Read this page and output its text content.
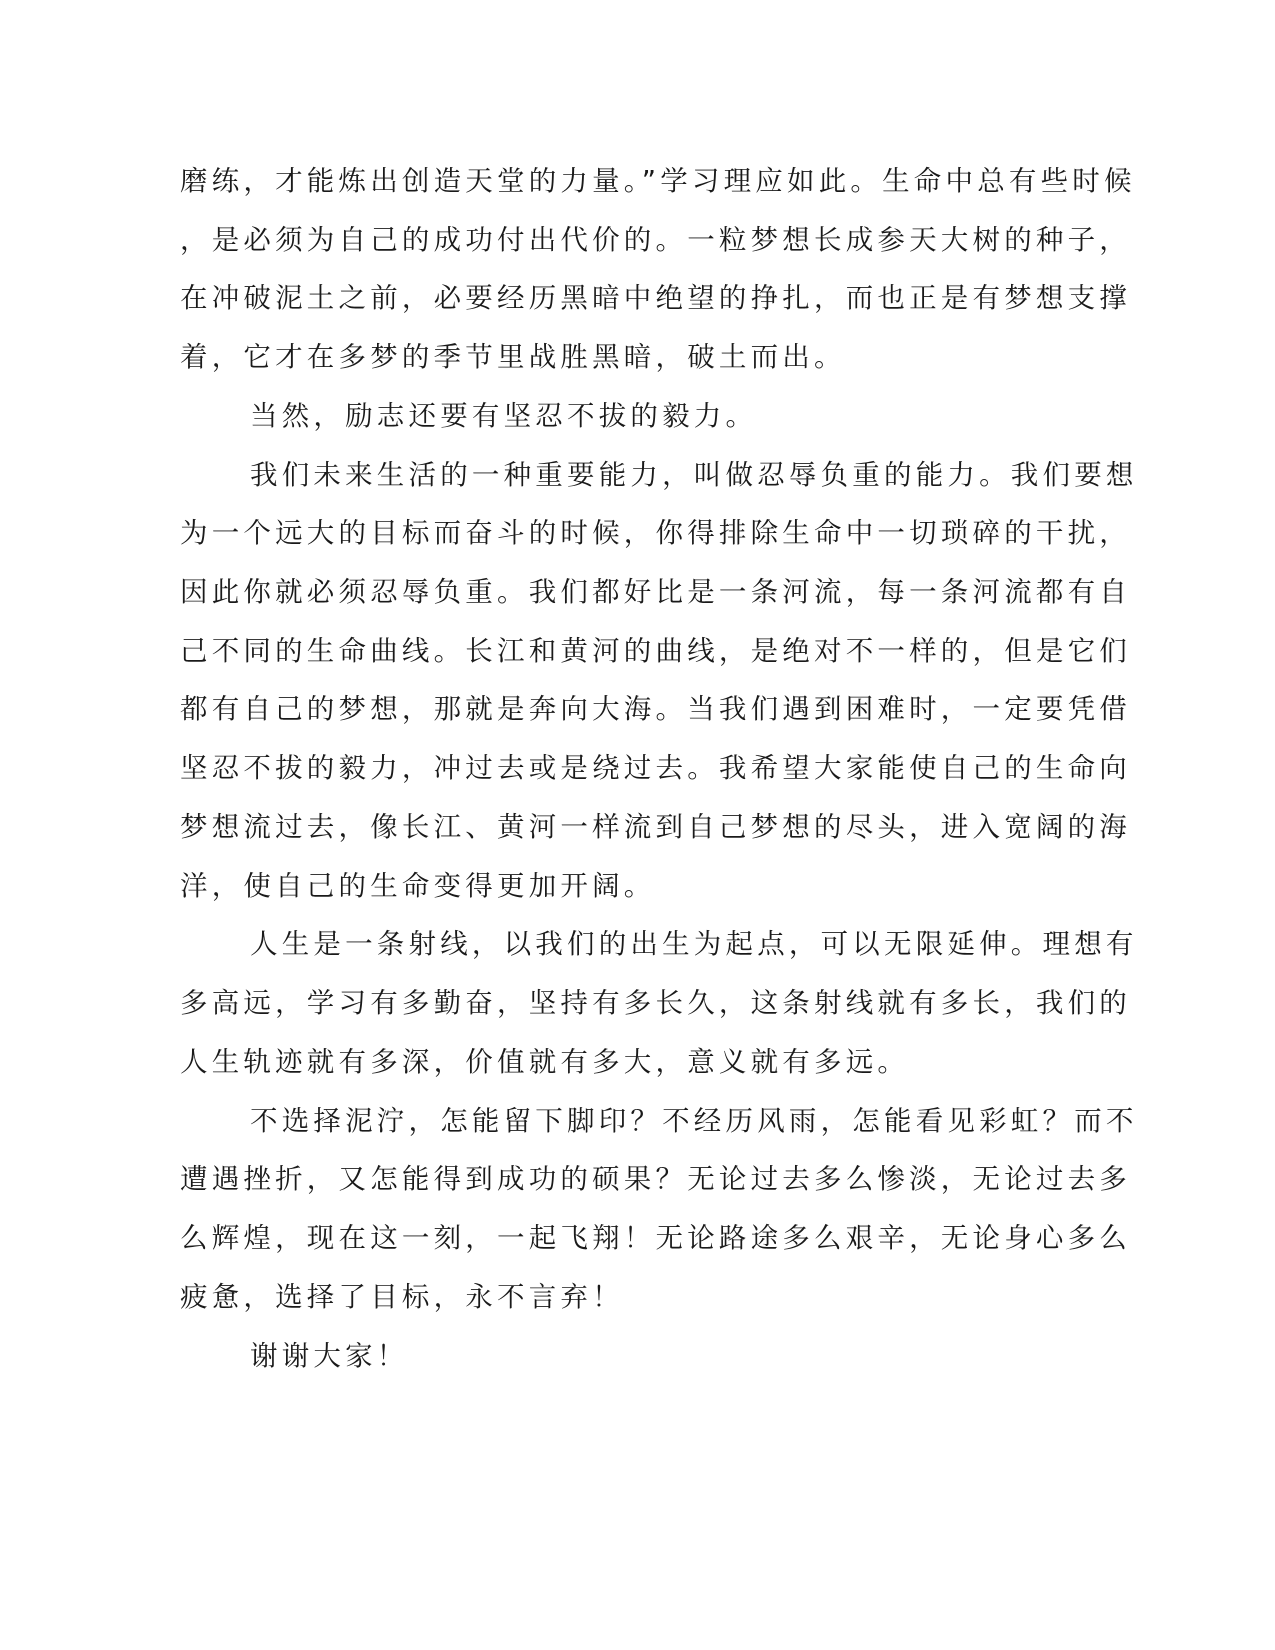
磨练，才能炼出创造天堂的力量。”学习理应如此。生命中总有些时候
，是必须为自己的成功付出代价的。一粒梦想长成参天大树的种子，
在冲破泥土之前，必要经历黑暗中绝望的挣扎，而也正是有梦想支撑
着，它才在多梦的季节里战胜黑暗，破土而出。
当然，励志还要有坚忍不拔的毅力。
我们未来生活的一种重要能力，叫做忍辱负重的能力。我们要想
为一个远大的目标而奋斗的时候，你得排除生命中一切琐碎的干扰，
因此你就必须忍辱负重。我们都好比是一条河流，每一条河流都有自
己不同的生命曲线。长江和黄河的曲线，是绝对不一样的，但是它们
都有自己的梦想，那就是奔向大海。当我们遇到困难时，一定要凭借
坚忍不拔的毅力，冲过去或是绕过去。我希望大家能使自己的生命向
梦想流过去，像长江、黄河一样流到自己梦想的尽头，进入宽阔的海
洋，使自己的生命变得更加开阔。
人生是一条射线，以我们的出生为起点，可以无限延伸。理想有
多高远，学习有多勤奋，坚持有多长久，这条射线就有多长，我们的
人生轨迹就有多深，价值就有多大，意义就有多远。
不选择泥泞，怎能留下脚印？不经历风雨，怎能看见彩虹？而不
遭遇挫折，又怎能得到成功的硕果？无论过去多么惨淡，无论过去多
么辉煌，现在这一刻，一起飞翔！无论路途多么艰辛，无论身心多么
疲惫，选择了目标，永不言弃！
谢谢大家！
